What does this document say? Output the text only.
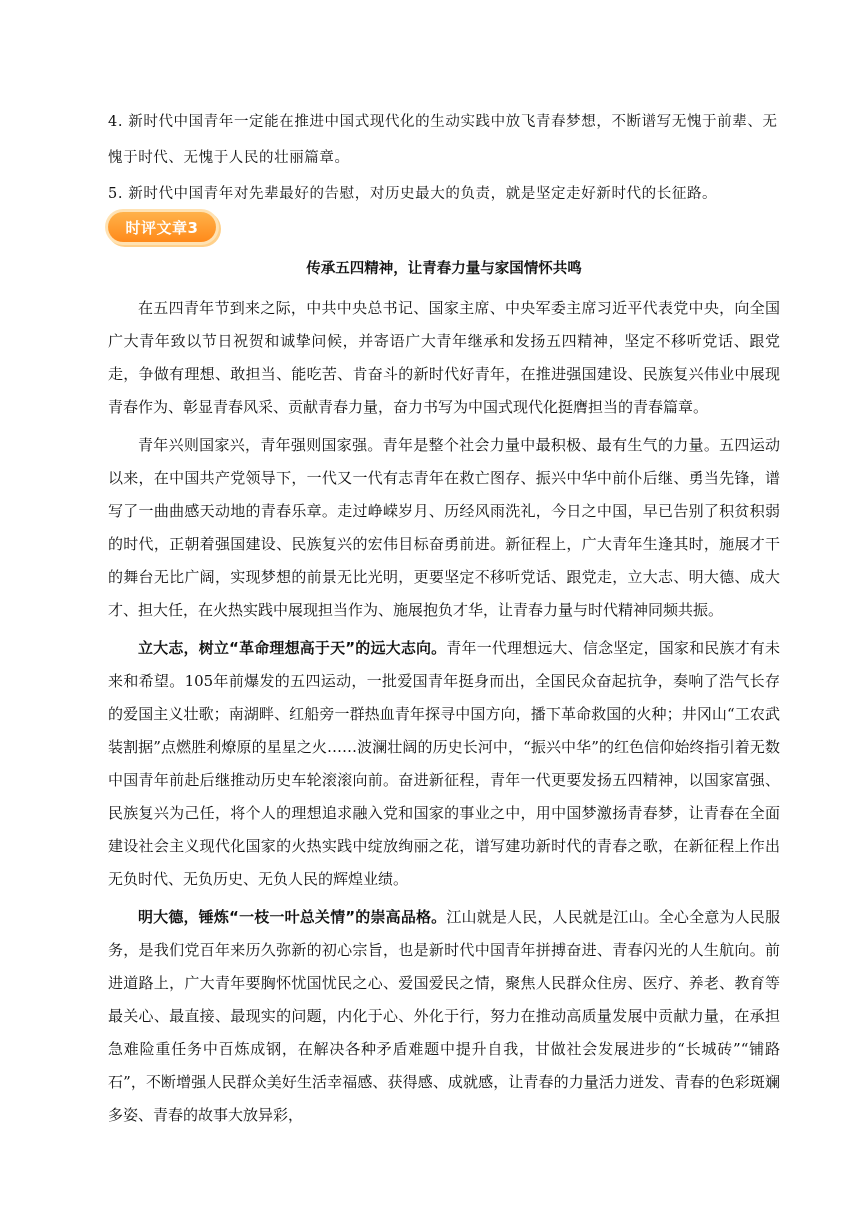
4. 新时代中国青年一定能在推进中国式现代化的生动实践中放飞青春梦想，不断谱写无愧于前辈、无愧于时代、无愧于人民的壮丽篇章。
5. 新时代中国青年对先辈最好的告慰，对历史最大的负责，就是坚定走好新时代的长征路。
时评文章3
传承五四精神，让青春力量与家国情怀共鸣

在五四青年节到来之际，中共中央总书记、国家主席、中央军委主席习近平代表党中央，向全国广大青年致以节日祝贺和诚挚问候，并寄语广大青年继承和发扬五四精神，坚定不移听党话、跟党走，争做有理想、敢担当、能吃苦、肯奋斗的新时代好青年，在推进强国建设、民族复兴伟业中展现青春作为、彰显青春风采、贡献青春力量，奋力书写为中国式现代化挺膺担当的青春篇章。

青年兴则国家兴，青年强则国家强。青年是整个社会力量中最积极、最有生气的力量。五四运动以来，在中国共产党领导下，一代又一代有志青年在救亡图存、振兴中华中前仆后继、勇当先锋，谱写了一曲曲感天动地的青春乐章。走过峥嵘岁月、历经风雨洗礼，今日之中国，早已告别了积贫积弱的时代，正朝着强国建设、民族复兴的宏伟目标奋勇前进。新征程上，广大青年生逢其时，施展才干的舞台无比广阔，实现梦想的前景无比光明，更要坚定不移听党话、跟党走，立大志、明大德、成大才、担大任，在火热实践中展现担当作为、施展抱负才华，让青春力量与时代精神同频共振。

立大志，树立“革命理想高于天”的远大志向。青年一代理想远大、信念坚定，国家和民族才有未来和希望。105年前爆发的五四运动，一批爱国青年挺身而出，全国民众奋起抗争，奏响了浩气长存的爱国主义壮歌；南湖畔、红船旁一群热血青年探寻中国方向，播下革命救国的火种；井冈山“工农武装割据”点燃胜利燎原的星星之火……波澜壮阔的历史长河中，“振兴中华”的红色信仰始终指引着无数中国青年前赴后继推动历史车轮滚滚向前。奋进新征程，青年一代更要发扬五四精神，以国家富强、民族复兴为己任，将个人的理想追求融入党和国家的事业之中，用中国梦激扬青春梦，让青春在全面建设社会主义现代化国家的火热实践中绽放绚丽之花，谱写建功新时代的青春之歌，在新征程上作出无负时代、无负历史、无负人民的辉煌业绩。

明大德，锤炼“一枝一叶总关情”的崇高品格。江山就是人民，人民就是江山。全心全意为人民服务，是我们党百年来历久弥新的初心宗旨，也是新时代中国青年拼搏奋进、青春闪光的人生航向。前进道路上，广大青年要胸怀忧国忧民之心、爱国爱民之情，聚焦人民群众住房、医疗、养老、教育等最关心、最直接、最现实的问题，内化于心、外化于行，努力在推动高质量发展中贡献力量，在承担急难险重任务中百炼成钢，在解决各种矛盾难题中提升自我，甘做社会发展进步的“长城砖”“铺路石”，不断增强人民群众美好生活幸福感、获得感、成就感，让青春的力量活力迸发、青春的色彩斑斓多姿、青春的故事大放异彩，
